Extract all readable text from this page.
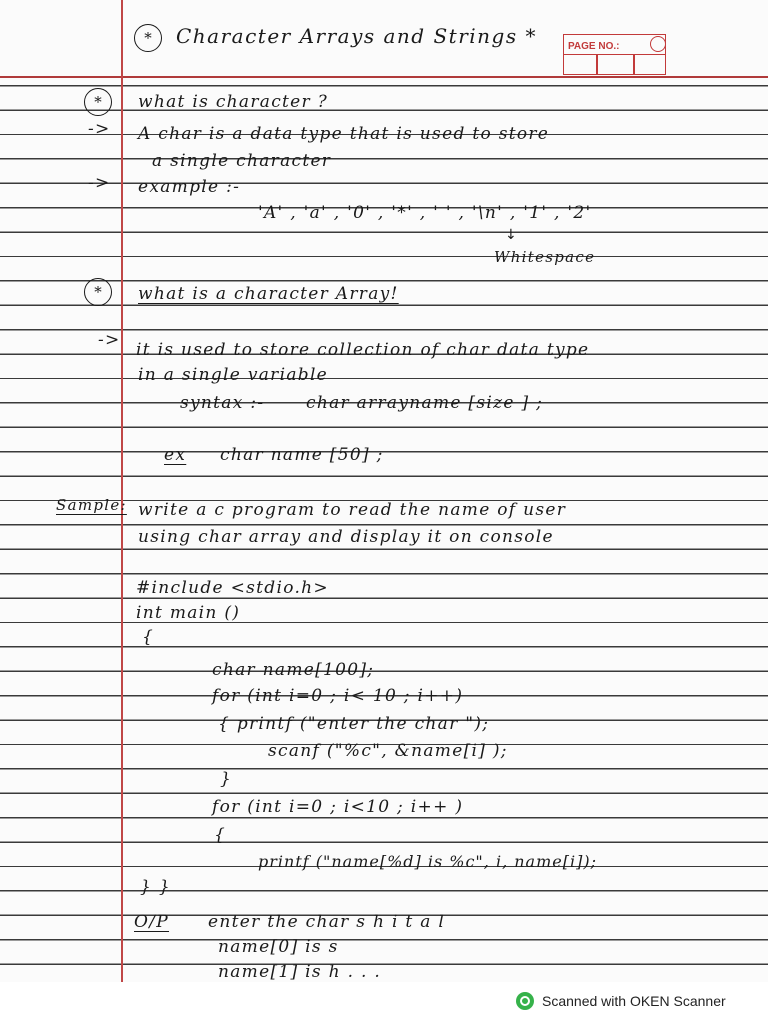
* Character Arrays and Strings *	PAGE NO.:
* what is character ?
-> A char is a data type that is used to store
a single character
-> example :-
'A' , 'a' , '0' , '*' , ' ' , '\n' , '1' , '2'
↓
Whitespace
* what is a character Array!
-> it is used to store collection of char data type
in a single variable
syntax :- char arrayname [size ] ;
ex char name [50] ;
Sample: write a c program to read the name of user
using char array and display it on console
#include <stdio.h>
int main ()
{
char name[100];
for (int i=0 ; i< 10 ; i++)
{ printf ("enter the char ");
scanf ("%c", &name[i] );
}
for (int i=0 ; i<10 ; i++ )
{
printf ("name[%d] is %c", i, name[i]);
} }
O/P enter the char s h i t a l
name[0] is s
name[1] is h . . .
Scanned with OKEN Scanner
